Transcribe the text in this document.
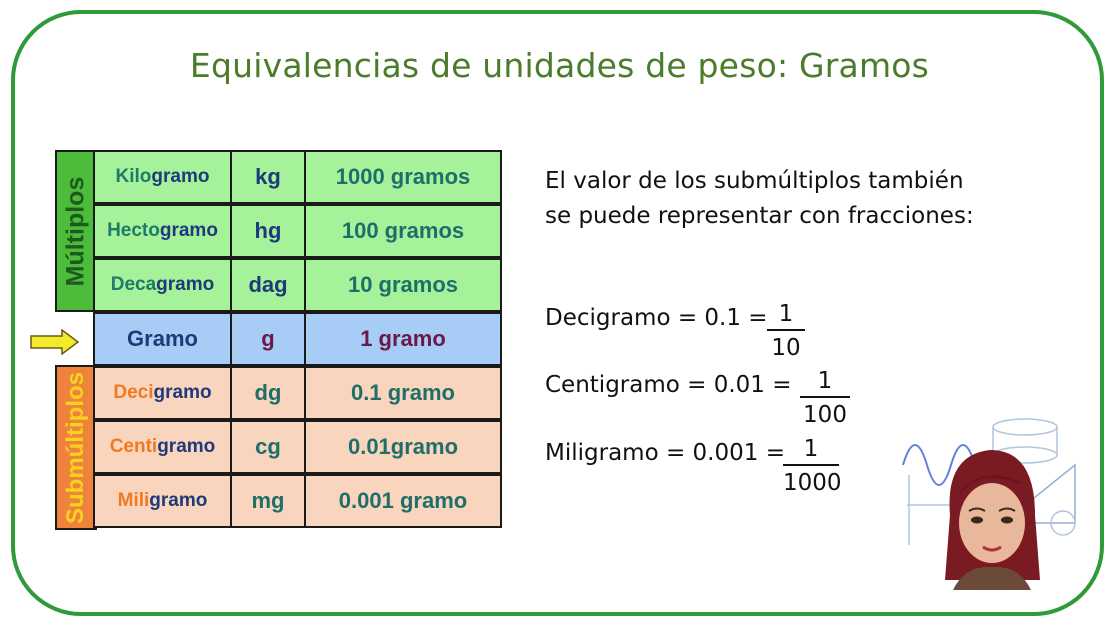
Equivalencias de unidades de peso: Gramos
Múltiplos
Submúltiplos
Kilogramo	kg	1000 gramos
Hectogramo	hg	100 gramos
Decagramo	dag	10 gramos
Gramo	g	1 gramo
Decigramo	dg	0.1 gramo
Centigramo	cg	0.01gramo
Miligramo	mg	0.001 gramo
El valor de los submúltiplos también se puede representar con fracciones:
Decigramo = $0.1 = \frac{1}{10}$
Centigramo = $0.01 = \frac{1}{100}$
Miligramo = 0.001 =
$\frac{1}{1000}$
